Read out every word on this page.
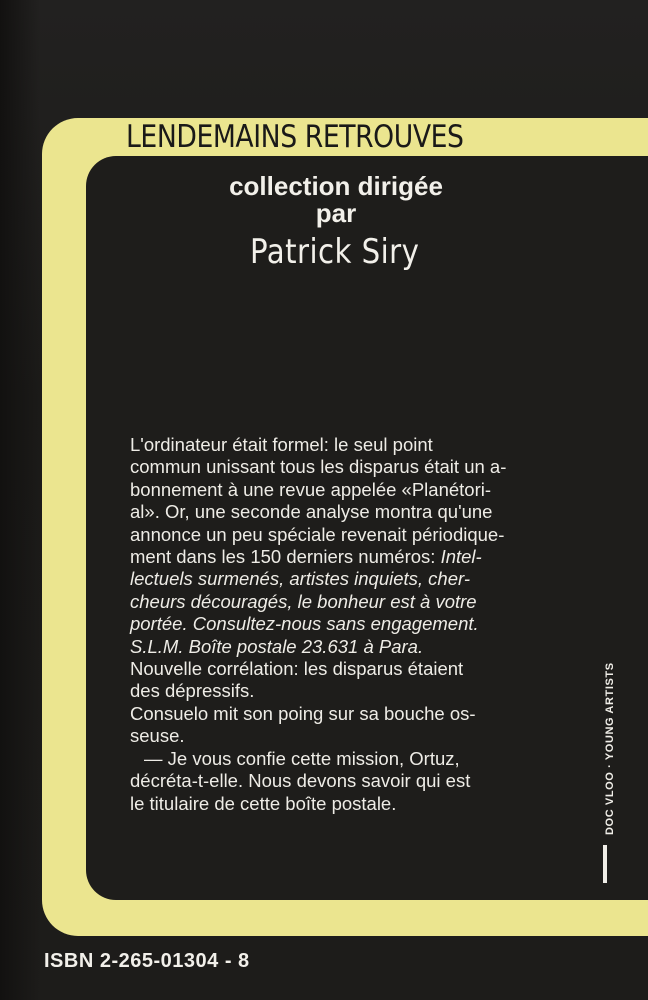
LENDEMAINS RETROUVES
collection dirigée
par
Patrick Siry

L'ordinateur était formel: le seul point

commun unissant tous les disparus était un a-

bonnement à une revue appelée «Planétori-

al». Or, une seconde analyse montra qu'une

annonce un peu spéciale revenait périodique-

ment dans les 150 derniers numéros: Intel-

lectuels surmenés, artistes inquiets, cher-

cheurs découragés, le bonheur est à votre

portée. Consultez-nous sans engagement.

S.L.M. Boîte postale 23.631 à Para.

Nouvelle corrélation: les disparus étaient

des dépressifs.

Consuelo mit son poing sur sa bouche os-

seuse.

— Je vous confie cette mission, Ortuz,

décréta-t-elle. Nous devons savoir qui est

le titulaire de cette boîte postale.	DOC VLOO · YOUNG ARTISTS
ISBN 2-265-01304 - 8
